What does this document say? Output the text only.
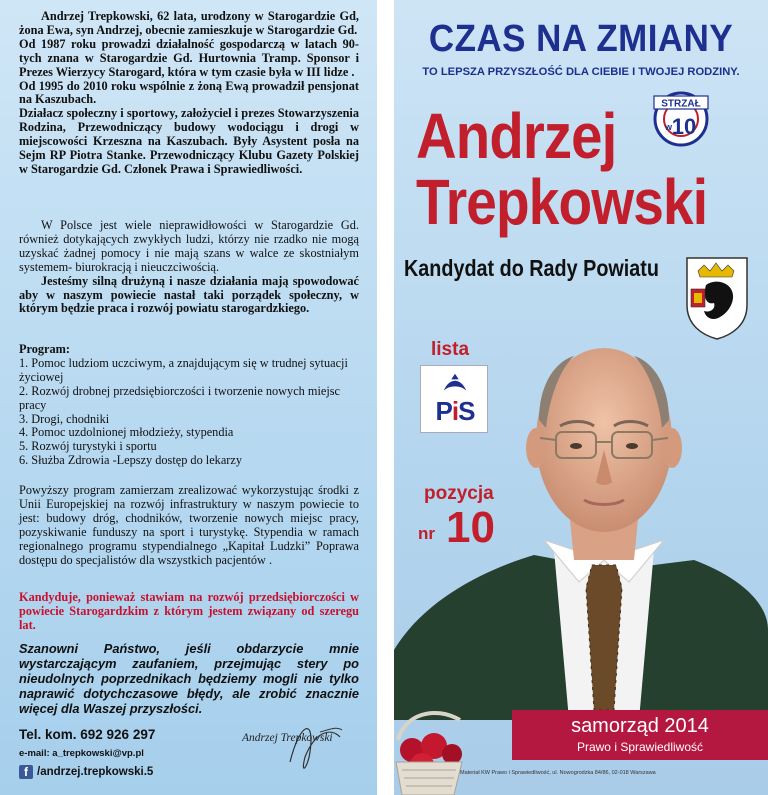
Andrzej Trepkowski, 62 lata, urodzony w Starogardzie Gd, żona Ewa, syn Andrzej, obecnie zamieszkuje w Starogardzie Gd.

Od 1987 roku prowadzi działalność gospodarczą w latach 90-tych znana w Starogardzie Gd. Hurtownia Tramp. Sponsor i Prezes Wierzycy Starogard, która w tym czasie była w III lidze .

Od 1995 do 2010 roku wspólnie z żoną Ewą prowadził pensjonat na Kaszubach.

Działacz społeczny i sportowy, założyciel i prezes Stowarzyszenia Rodzina, Przewodniczący budowy wodociągu i drogi w miejscowości Krzeszna na Kaszubach. Były Asystent posła na Sejm RP Piotra Stanke. Przewodniczący Klubu Gazety Polskiej w Starogardzie Gd. Członek Prawa i Sprawiedliwości.

W Polsce jest wiele nieprawidłowości w Starogardzie Gd. również dotykających zwykłych ludzi, którzy nie rzadko nie mogą uzyskać żadnej pomocy i nie mają szans w walce ze skostniałym systemem- biurokracją i nieuczciwością.

Jesteśmy silną drużyną i nasze działania mają spowodować aby w naszym powiecie nastał taki porządek społeczny, w którym będzie praca i rozwój powiatu starogardzkiego.

Program:

1. Pomoc ludziom uczciwym, a znajdującym się w trudnej sytuacji życiowej

2. Rozwój drobnej przedsiębiorczości i tworzenie nowych miejsc pracy

3. Drogi, chodniki

4. Pomoc uzdolnionej młodzieży, stypendia

5. Rozwój turystyki i sportu

6. Służba Zdrowia -Lepszy dostęp do lekarzy

Powyższy program zamierzam zrealizować wykorzystując środki z Unii Europejskiej na rozwój infrastruktury w naszym powiecie to jest: budowy dróg, chodników, tworzenie nowych miejsc pracy, pozyskiwanie funduszy na sport i turystykę. Stypendia w ramach regionalnego programu stypendialnego „Kapitał Ludzki” Poprawa dostępu do specjalistów dla wszystkich pacjentów .
Kandyduje, ponieważ stawiam na rozwój przedsiębiorczości w powiecie Starogardzkim z którym jestem związany od szeregu lat.
Szanowni Państwo, jeśli obdarzycie mnie wystarczającym zaufaniem, przejmując stery po nieudolnych poprzednikach będziemy mogli nie tylko naprawić dotychczasowe błędy, ale zrobić znacznie więcej dla Waszej przyszłości.
Tel. kom. 692 926 297
e-mail: a_trepkowski@vp.pl
f /andrzej.trepkowski.5
Andrzej Trepkowski
CZAS NA ZMIANY
TO LEPSZA PRZYSZŁOŚĆ DLA CIEBIE I TWOJEJ RODZINY.
STRZAŁ
w 10
Andrzej
Trepkowski
Kandydat do Rady Powiatu
lista
PiS
pozycja
nr 10
samorząd 2014
Prawo i Sprawiedliwość
Materiał KW Prawo i Sprawiedliwość, ul. Nowogrodzka 84/86, 02-018 Warszawa
